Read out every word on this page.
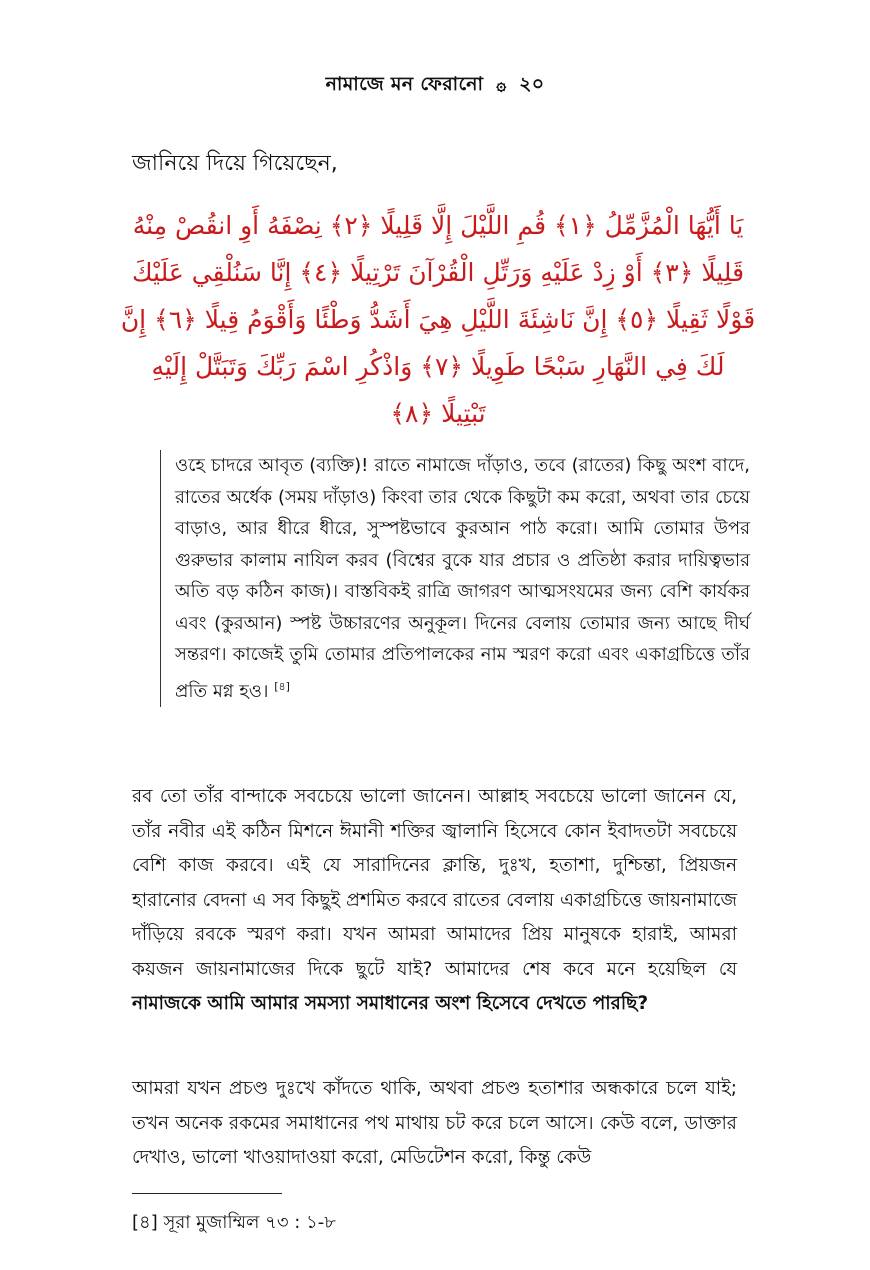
নামাজে মন ফেরানো ۞ ২০
জানিয়ে দিয়ে গিয়েছেন,
يَا أَيُّهَا الْمُزَّمِّلُ ﴿١﴾ قُمِ اللَّيْلَ إِلَّا قَلِيلًا ﴿٢﴾ نِصْفَهُ أَوِ انقُصْ مِنْهُ
قَلِيلًا ﴿٣﴾ أَوْ زِدْ عَلَيْهِ وَرَتِّلِ الْقُرْآنَ تَرْتِيلًا ﴿٤﴾ إِنَّا سَنُلْقِي عَلَيْكَ
قَوْلًا ثَقِيلًا ﴿٥﴾ إِنَّ نَاشِئَةَ اللَّيْلِ هِيَ أَشَدُّ وَطْئًا وَأَقْوَمُ قِيلًا ﴿٦﴾ إِنَّ
لَكَ فِي النَّهَارِ سَبْحًا طَوِيلًا ﴿٧﴾ وَاذْكُرِ اسْمَ رَبِّكَ وَتَبَتَّلْ إِلَيْهِ
تَبْتِيلًا ﴿٨﴾
ওহে চাদরে আবৃত (ব্যক্তি)! রাতে নামাজে দাঁড়াও, তবে (রাতের) কিছু অংশ বাদে, রাতের অর্ধেক (সময় দাঁড়াও) কিংবা তার থেকে কিছুটা কম করো, অথবা তার চেয়ে বাড়াও, আর ধীরে ধীরে, সুস্পষ্টভাবে কুরআন পাঠ করো। আমি তোমার উপর গুরুভার কালাম নাযিল করব (বিশ্বের বুকে যার প্রচার ও প্রতিষ্ঠা করার দায়িত্বভার অতি বড় কঠিন কাজ)। বাস্তবিকই রাত্রি জাগরণ আত্মসংযমের জন্য বেশি কার্যকর এবং (কুরআন) স্পষ্ট উচ্চারণের অনুকূল। দিনের বেলায় তোমার জন্য আছে দীর্ঘ সন্তরণ। কাজেই তুমি তোমার প্রতিপালকের নাম স্মরণ করো এবং একাগ্রচিত্তে তাঁর প্রতি মগ্ন হও। [৪]
রব তো তাঁর বান্দাকে সবচেয়ে ভালো জানেন। আল্লাহ সবচেয়ে ভালো জানেন যে, তাঁর নবীর এই কঠিন মিশনে ঈমানী শক্তির জ্বালানি হিসেবে কোন ইবাদতটা সবচেয়ে বেশি কাজ করবে। এই যে সারাদিনের ক্লান্তি, দুঃখ, হতাশা, দুশ্চিন্তা, প্রিয়জন হারানোর বেদনা এ সব কিছুই প্রশমিত করবে রাতের বেলায় একাগ্রচিত্তে জায়নামাজে দাঁড়িয়ে রবকে স্মরণ করা। যখন আমরা আমাদের প্রিয় মানুষকে হারাই, আমরা কয়জন জায়নামাজের দিকে ছুটে যাই? আমাদের শেষ কবে মনে হয়েছিল যে নামাজকে আমি আমার সমস্যা সমাধানের অংশ হিসেবে দেখতে পারছি?
আমরা যখন প্রচণ্ড দুঃখে কাঁদতে থাকি, অথবা প্রচণ্ড হতাশার অন্ধকারে চলে যাই; তখন অনেক রকমের সমাধানের পথ মাথায় চট করে চলে আসে। কেউ বলে, ডাক্তার দেখাও, ভালো খাওয়াদাওয়া করো, মেডিটেশন করো, কিন্তু কেউ
[৪] সূরা মুজাম্মিল ৭৩ : ১-৮
